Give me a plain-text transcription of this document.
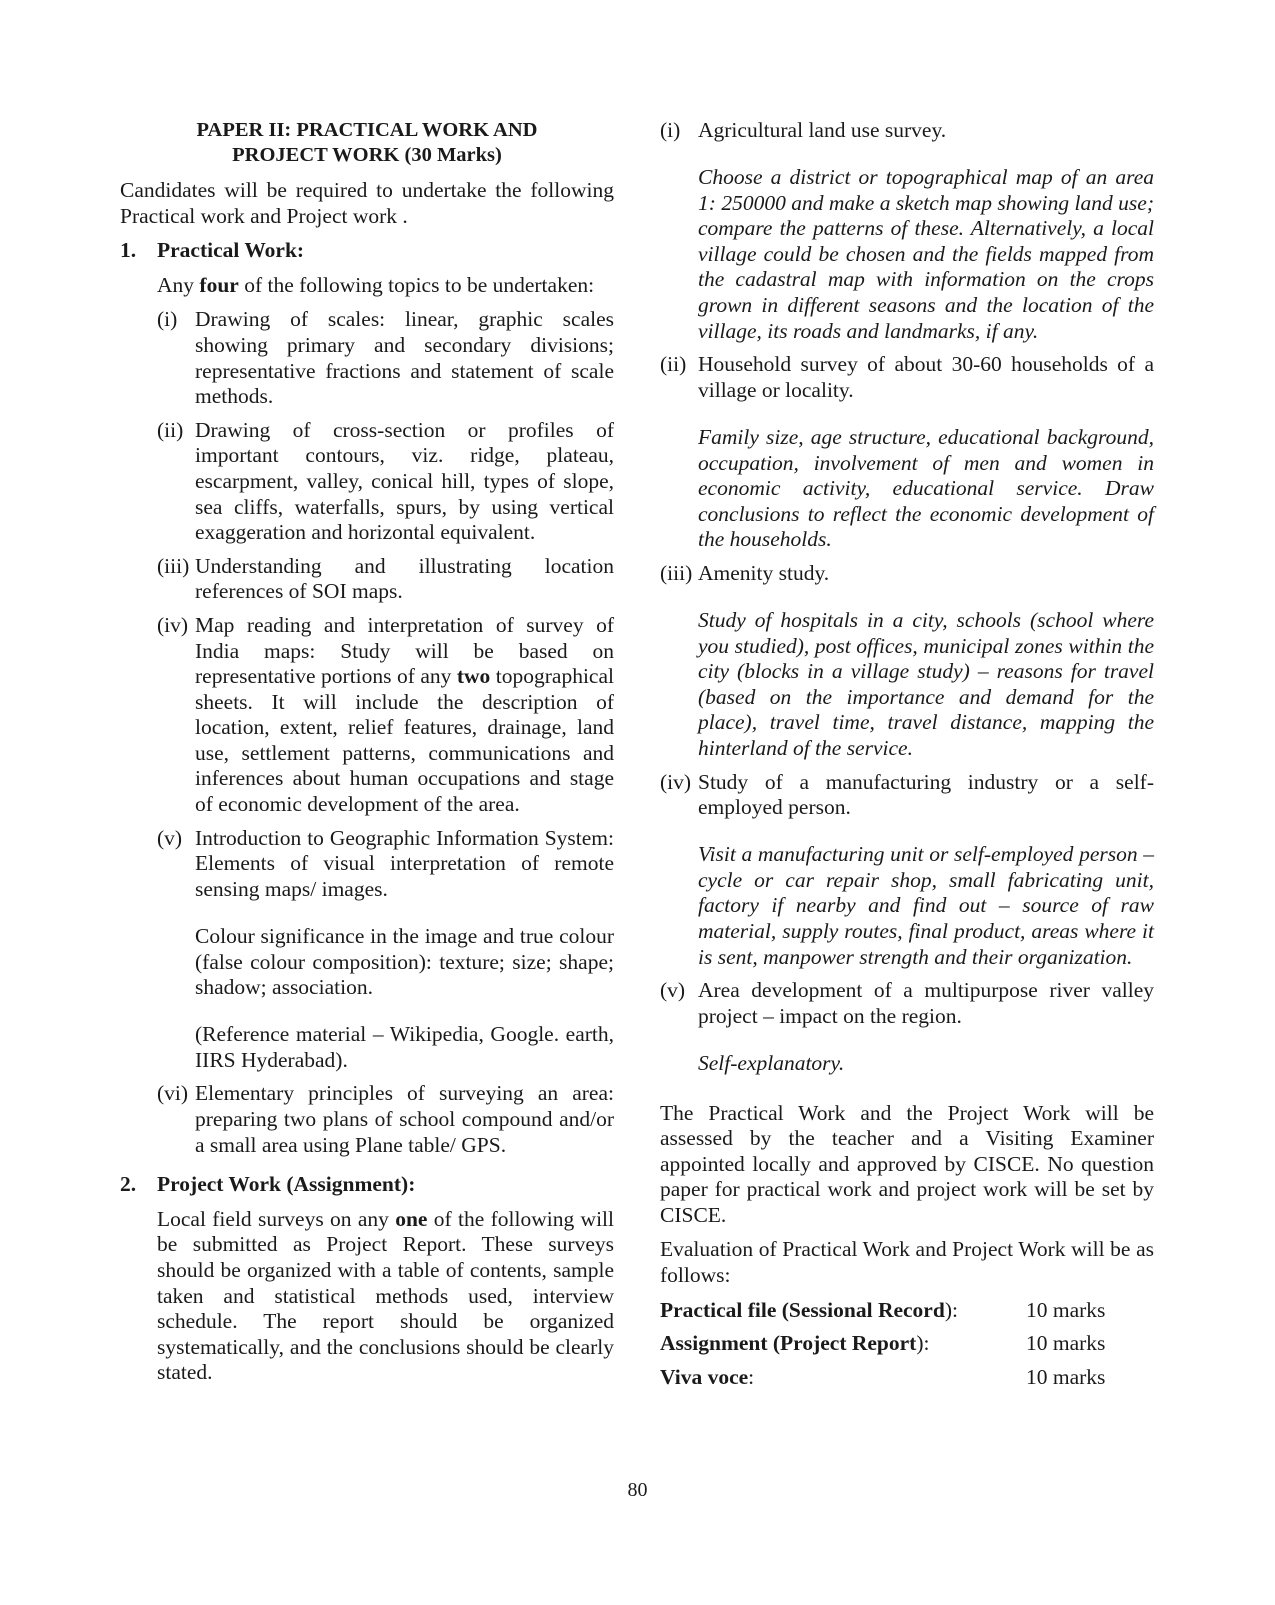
PAPER II: PRACTICAL WORK AND
PROJECT WORK (30 Marks)

Candidates will be required to undertake the following Practical work and Project work .

1. Practical Work:

Any four of the following topics to be undertaken:

(i) Drawing of scales: linear, graphic scales showing primary and secondary divisions; representative fractions and statement of scale methods.
(ii) Drawing of cross-section or profiles of important contours, viz. ridge, plateau, escarpment, valley, conical hill, types of slope, sea cliffs, waterfalls, spurs, by using vertical exaggeration and horizontal equivalent.
(iii) Understanding and illustrating location references of SOI maps.
(iv) Map reading and interpretation of survey of India maps: Study will be based on representative portions of any two topographical sheets. It will include the description of location, extent, relief features, drainage, land use, settlement patterns, communications and inferences about human occupations and stage of economic development of the area.
(v) Introduction to Geographic Information System: Elements of visual interpretation of remote sensing maps/ images.

Colour significance in the image and true colour (false colour composition): texture; size; shape; shadow; association.

(Reference material – Wikipedia, Google. earth, IIRS Hyderabad).

(vi) Elementary principles of surveying an area: preparing two plans of school compound and/or a small area using Plane table/ GPS.
2. Project Work (Assignment):

Local field surveys on any one of the following will be submitted as Project Report. These surveys should be organized with a table of contents, sample taken and statistical methods used, interview schedule. The report should be organized systematically, and the conclusions should be clearly stated.

(i) Agricultural land use survey.

Choose a district or topographical map of an area 1: 250000 and make a sketch map showing land use; compare the patterns of these. Alternatively, a local village could be chosen and the fields mapped from the cadastral map with information on the crops grown in different seasons and the location of the village, its roads and landmarks, if any.

(ii) Household survey of about 30-60 households of a village or locality.

Family size, age structure, educational background, occupation, involvement of men and women in economic activity, educational service. Draw conclusions to reflect the economic development of the households.

(iii) Amenity study.

Study of hospitals in a city, schools (school where you studied), post offices, municipal zones within the city (blocks in a village study) – reasons for travel (based on the importance and demand for the place), travel time, travel distance, mapping the hinterland of the service.

(iv) Study of a manufacturing industry or a self-employed person.

Visit a manufacturing unit or self-employed person – cycle or car repair shop, small fabricating unit, factory if nearby and find out – source of raw material, supply routes, final product, areas where it is sent, manpower strength and their organization.

(v) Area development of a multipurpose river valley project – impact on the region.

Self-explanatory.

The Practical Work and the Project Work will be assessed by the teacher and a Visiting Examiner appointed locally and approved by CISCE. No question paper for practical work and project work will be set by CISCE.

Evaluation of Practical Work and Project Work will be as follows:

Practical file (Sessional Record):	10 marks
Assignment (Project Report):	10 marks
Viva voce:	10 marks
80
